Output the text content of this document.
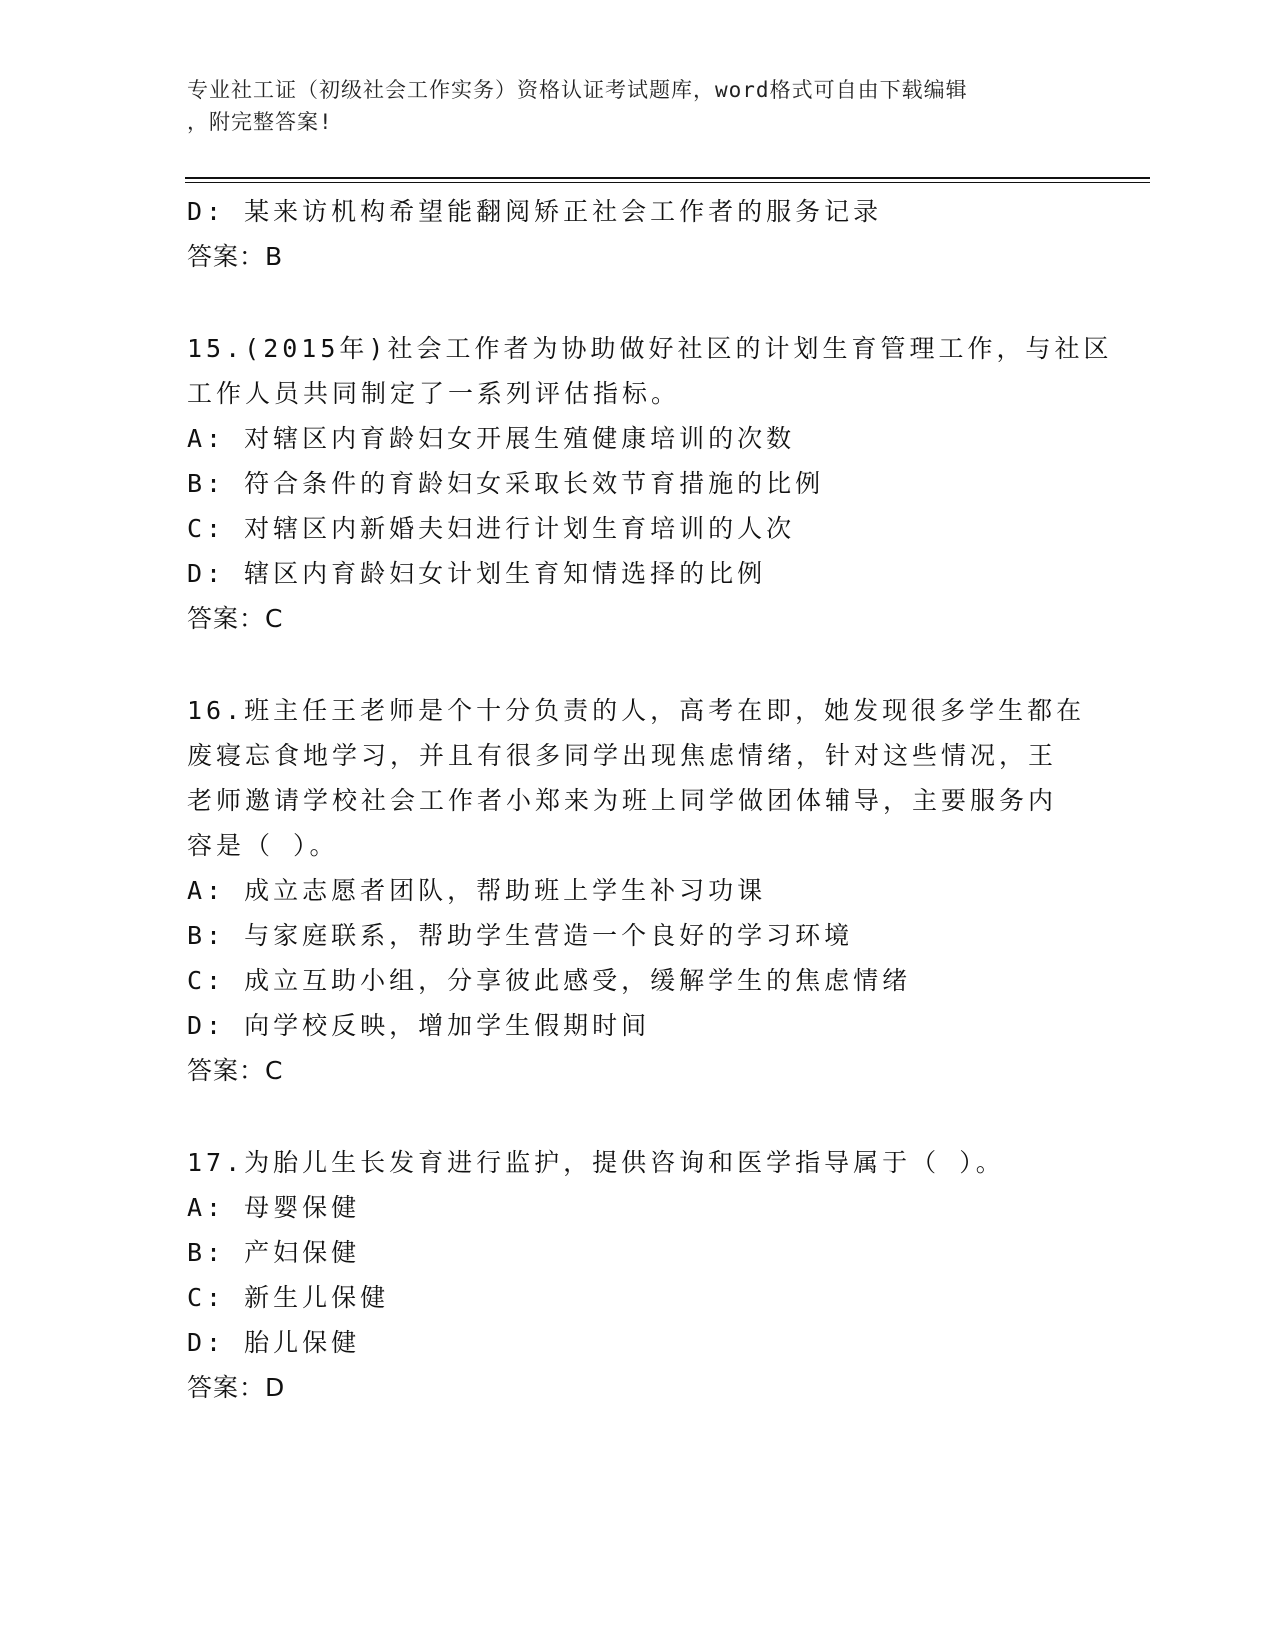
专业社工证（初级社会工作实务）资格认证考试题库，word格式可自由下载编辑
，附完整答案!
D: 某来访机构希望能翻阅矫正社会工作者的服务记录
答案：B
15.(2015年)社会工作者为协助做好社区的计划生育管理工作，与社区
工作人员共同制定了一系列评估指标。
A: 对辖区内育龄妇女开展生殖健康培训的次数
B: 符合条件的育龄妇女采取长效节育措施的比例
C: 对辖区内新婚夫妇进行计划生育培训的人次
D: 辖区内育龄妇女计划生育知情选择的比例
答案：C
16.班主任王老师是个十分负责的人，高考在即，她发现很多学生都在
废寝忘食地学习，并且有很多同学出现焦虑情绪，针对这些情况，王
老师邀请学校社会工作者小郑来为班上同学做团体辅导，主要服务内
容是（ ）。
A: 成立志愿者团队，帮助班上学生补习功课
B: 与家庭联系，帮助学生营造一个良好的学习环境
C: 成立互助小组，分享彼此感受，缓解学生的焦虑情绪
D: 向学校反映，增加学生假期时间
答案：C
17.为胎儿生长发育进行监护，提供咨询和医学指导属于（ ）。
A: 母婴保健
B: 产妇保健
C: 新生儿保健
D: 胎儿保健
答案：D
